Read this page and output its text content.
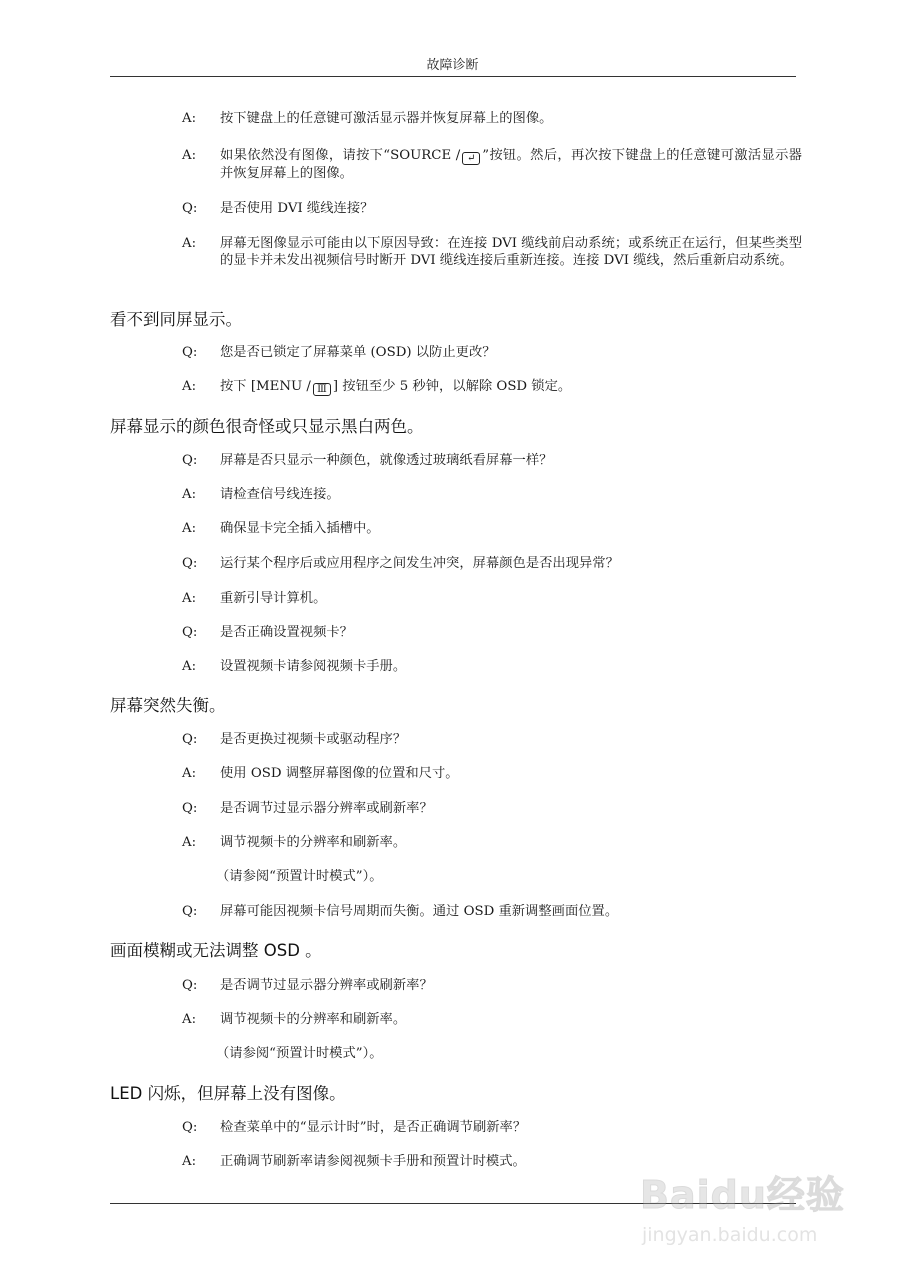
故障诊断
A:	按下键盘上的任意键可激活显示器并恢复屏幕上的图像。
A:	如果依然没有图像，请按下“SOURCE / ↵ ”按钮。然后，再次按下键盘上的任意键可激活显示器并恢复屏幕上的图像。
Q:	是否使用 DVI 缆线连接？
A:	屏幕无图像显示可能由以下原因导致：在连接 DVI 缆线前启动系统；或系统正在运行，但某些类型的显卡并未发出视频信号时断开 DVI 缆线连接后重新连接。连接 DVI 缆线，然后重新启动系统。
看不到同屏显示。
Q:	您是否已锁定了屏幕菜单 (OSD) 以防止更改？
A:	按下 [MENU / Ⅲ ] 按钮至少 5 秒钟，以解除 OSD 锁定。
屏幕显示的颜色很奇怪或只显示黑白两色。
Q:	屏幕是否只显示一种颜色，就像透过玻璃纸看屏幕一样？
A:	请检查信号线连接。
A:	确保显卡完全插入插槽中。
Q:	运行某个程序后或应用程序之间发生冲突，屏幕颜色是否出现异常？
A:	重新引导计算机。
Q:	是否正确设置视频卡？
A:	设置视频卡请参阅视频卡手册。
屏幕突然失衡。
Q:	是否更换过视频卡或驱动程序？
A:	使用 OSD 调整屏幕图像的位置和尺寸。
Q:	是否调节过显示器分辨率或刷新率？
A:	调节视频卡的分辨率和刷新率。
（请参阅“预置计时模式”）。
Q:	屏幕可能因视频卡信号周期而失衡。通过 OSD 重新调整画面位置。
画面模糊或无法调整 OSD 。
Q:	是否调节过显示器分辨率或刷新率？
A:	调节视频卡的分辨率和刷新率。
（请参阅“预置计时模式”）。
LED 闪烁，但屏幕上没有图像。
Q:	检查菜单中的“显示计时”时，是否正确调节刷新率？
A:	正确调节刷新率请参阅视频卡手册和预置计时模式。
Baidu经验
jingyan.baidu.com
